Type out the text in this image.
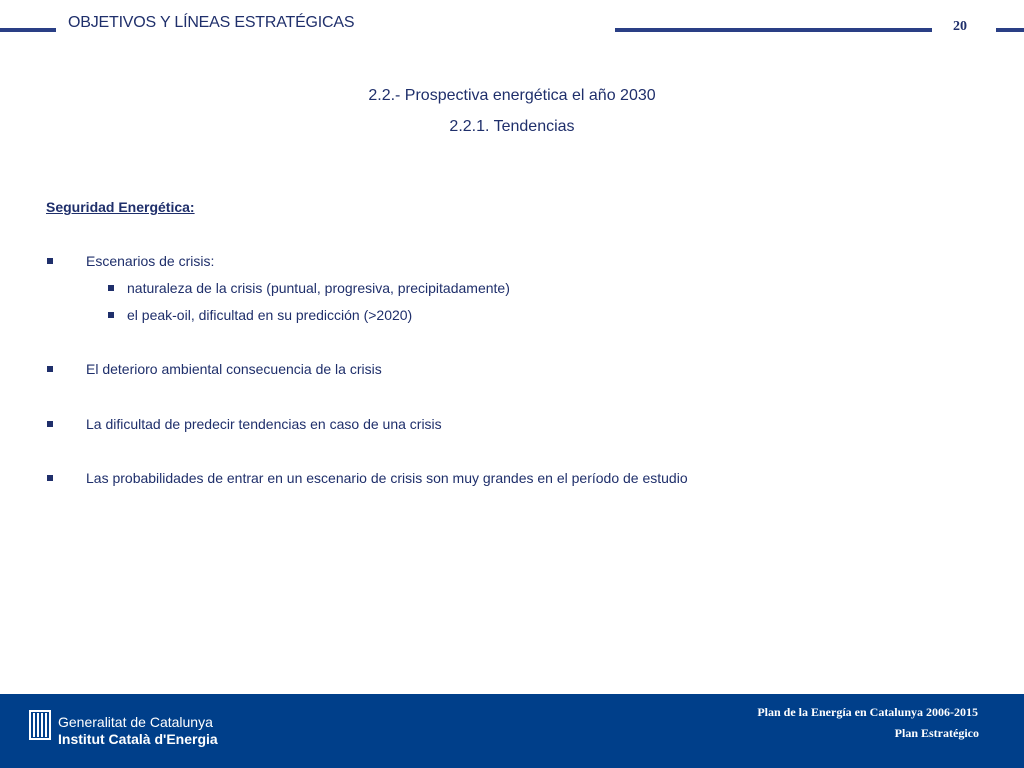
OBJETIVOS Y LÍNEAS ESTRATÉGICAS	20
2.2.- Prospectiva energética el año 2030
2.2.1. Tendencias
Seguridad Energética:
Escenarios de crisis:
naturaleza de la crisis (puntual, progresiva, precipitadamente)
el peak-oil, dificultad en su predicción (>2020)
El deterioro ambiental consecuencia de la crisis
La dificultad de predecir tendencias en caso de una crisis
Las probabilidades de entrar en un escenario de crisis son muy grandes en el período de estudio
Generalitat de Catalunya
Institut Català d'Energia
Plan de la Energía en Catalunya 2006-2015
Plan Estratégico
